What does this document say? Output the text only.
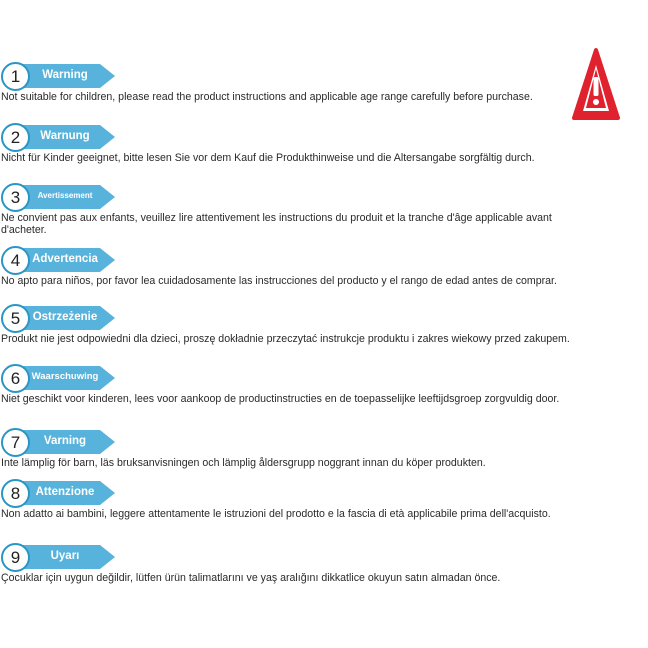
1	Warning

Not suitable for children, please read the product instructions and applicable age range carefully before purchase.

2	Warnung

Nicht für Kinder geeignet, bitte lesen Sie vor dem Kauf die Produkthinweise und die Altersangabe sorgfältig durch.

3	Avertissement

Ne convient pas aux enfants, veuillez lire attentivement les instructions du produit et la tranche d'âge applicable avant d'acheter.

4	Advertencia

No apto para niños, por favor lea cuidadosamente las instrucciones del producto y el rango de edad antes de comprar.

5	Ostrzeżenie

Produkt nie jest odpowiedni dla dzieci, proszę dokładnie przeczytać instrukcje produktu i zakres wiekowy przed zakupem.

6	Waarschuwing

Niet geschikt voor kinderen, lees voor aankoop de productinstructies en de toepasselijke leeftijdsgroep zorgvuldig door.

7	Varning

Inte lämplig för barn, läs bruksanvisningen och lämplig åldersgrupp noggrant innan du köper produkten.

8	Attenzione

Non adatto ai bambini, leggere attentamente le istruzioni del prodotto e la fascia di età applicabile prima dell'acquisto.

9	Uyarı

Çocuklar için uygun değildir, lütfen ürün talimatlarını ve yaş aralığını dikkatlice okuyun satın almadan önce.
